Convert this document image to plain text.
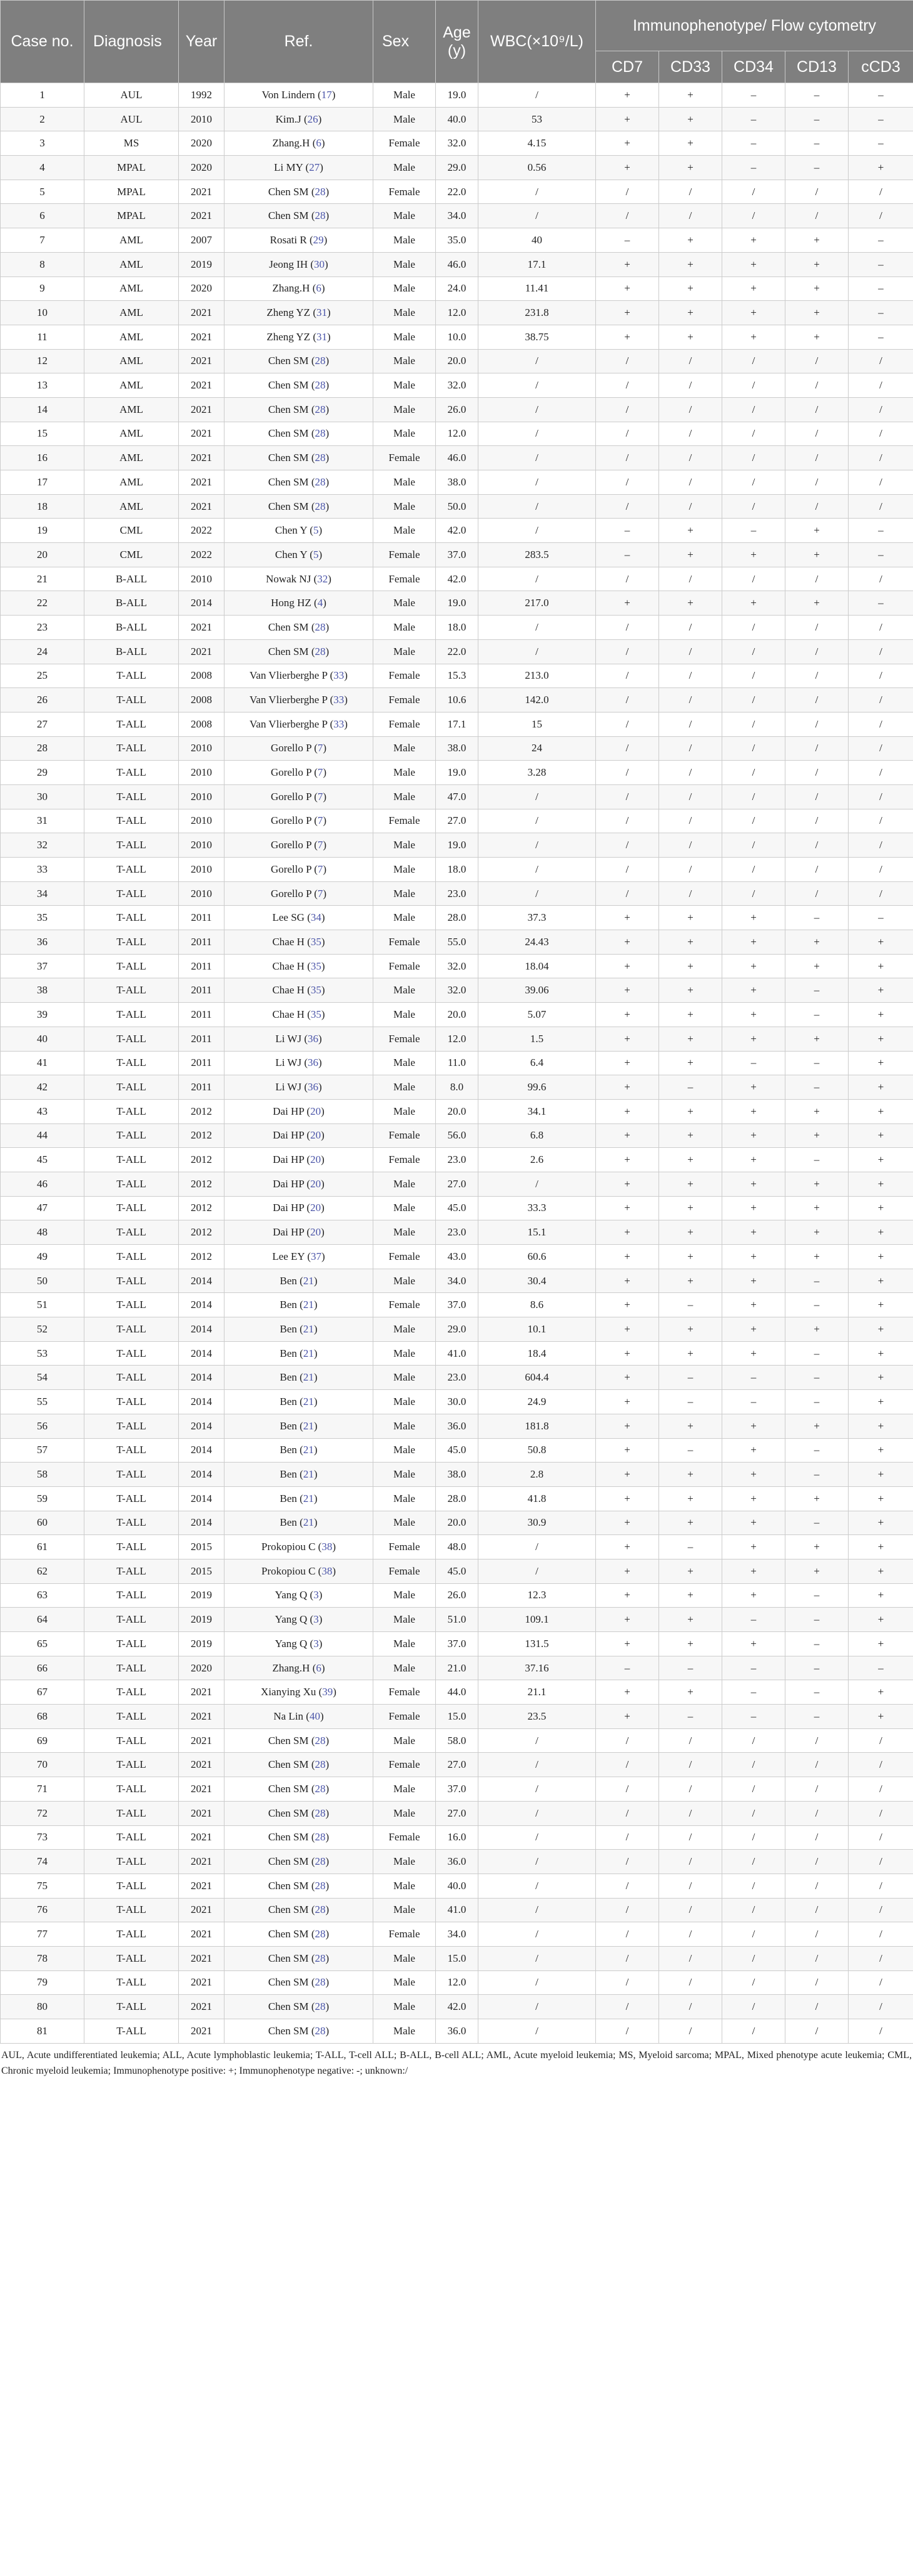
Case no.	Diagnosis	Year	Ref.	Sex	Age (y)	WBC(×10⁹/L)	Immunophenotype/ Flow cytometry				
							CD7	CD33	CD34	CD13	cCD3
1	AUL	1992	Von Lindern (17)	Male	19.0	/	+	+	–	–	–
2	AUL	2010	Kim.J (26)	Male	40.0	53	+	+	–	–	–
3	MS	2020	Zhang.H (6)	Female	32.0	4.15	+	+	–	–	–
4	MPAL	2020	Li MY (27)	Male	29.0	0.56	+	+	–	–	+
5	MPAL	2021	Chen SM (28)	Female	22.0	/	/	/	/	/	/
6	MPAL	2021	Chen SM (28)	Male	34.0	/	/	/	/	/	/
7	AML	2007	Rosati R (29)	Male	35.0	40	–	+	+	+	–
8	AML	2019	Jeong IH (30)	Male	46.0	17.1	+	+	+	+	–
9	AML	2020	Zhang.H (6)	Male	24.0	11.41	+	+	+	+	–
10	AML	2021	Zheng YZ (31)	Male	12.0	231.8	+	+	+	+	–
11	AML	2021	Zheng YZ (31)	Male	10.0	38.75	+	+	+	+	–
12	AML	2021	Chen SM (28)	Male	20.0	/	/	/	/	/	/
13	AML	2021	Chen SM (28)	Male	32.0	/	/	/	/	/	/
14	AML	2021	Chen SM (28)	Male	26.0	/	/	/	/	/	/
15	AML	2021	Chen SM (28)	Male	12.0	/	/	/	/	/	/
16	AML	2021	Chen SM (28)	Female	46.0	/	/	/	/	/	/
17	AML	2021	Chen SM (28)	Male	38.0	/	/	/	/	/	/
18	AML	2021	Chen SM (28)	Male	50.0	/	/	/	/	/	/
19	CML	2022	Chen Y (5)	Male	42.0	/	–	+	–	+	–
20	CML	2022	Chen Y (5)	Female	37.0	283.5	–	+	+	+	–
21	B-ALL	2010	Nowak NJ (32)	Female	42.0	/	/	/	/	/	/
22	B-ALL	2014	Hong HZ (4)	Male	19.0	217.0	+	+	+	+	–
23	B-ALL	2021	Chen SM (28)	Male	18.0	/	/	/	/	/	/
24	B-ALL	2021	Chen SM (28)	Male	22.0	/	/	/	/	/	/
25	T-ALL	2008	Van Vlierberghe P (33)	Female	15.3	213.0	/	/	/	/	/
26	T-ALL	2008	Van Vlierberghe P (33)	Female	10.6	142.0	/	/	/	/	/
27	T-ALL	2008	Van Vlierberghe P (33)	Female	17.1	15	/	/	/	/	/
28	T-ALL	2010	Gorello P (7)	Male	38.0	24	/	/	/	/	/
29	T-ALL	2010	Gorello P (7)	Male	19.0	3.28	/	/	/	/	/
30	T-ALL	2010	Gorello P (7)	Male	47.0	/	/	/	/	/	/
31	T-ALL	2010	Gorello P (7)	Female	27.0	/	/	/	/	/	/
32	T-ALL	2010	Gorello P (7)	Male	19.0	/	/	/	/	/	/
33	T-ALL	2010	Gorello P (7)	Male	18.0	/	/	/	/	/	/
34	T-ALL	2010	Gorello P (7)	Male	23.0	/	/	/	/	/	/
35	T-ALL	2011	Lee SG (34)	Male	28.0	37.3	+	+	+	–	–
36	T-ALL	2011	Chae H (35)	Female	55.0	24.43	+	+	+	+	+
37	T-ALL	2011	Chae H (35)	Female	32.0	18.04	+	+	+	+	+
38	T-ALL	2011	Chae H (35)	Male	32.0	39.06	+	+	+	–	+
39	T-ALL	2011	Chae H (35)	Male	20.0	5.07	+	+	+	–	+
40	T-ALL	2011	Li WJ (36)	Female	12.0	1.5	+	+	+	+	+
41	T-ALL	2011	Li WJ (36)	Male	11.0	6.4	+	+	–	–	+
42	T-ALL	2011	Li WJ (36)	Male	8.0	99.6	+	–	+	–	+
43	T-ALL	2012	Dai HP (20)	Male	20.0	34.1	+	+	+	+	+
44	T-ALL	2012	Dai HP (20)	Female	56.0	6.8	+	+	+	+	+
45	T-ALL	2012	Dai HP (20)	Female	23.0	2.6	+	+	+	–	+
46	T-ALL	2012	Dai HP (20)	Male	27.0	/	+	+	+	+	+
47	T-ALL	2012	Dai HP (20)	Male	45.0	33.3	+	+	+	+	+
48	T-ALL	2012	Dai HP (20)	Male	23.0	15.1	+	+	+	+	+
49	T-ALL	2012	Lee EY (37)	Female	43.0	60.6	+	+	+	+	+
50	T-ALL	2014	Ben (21)	Male	34.0	30.4	+	+	+	–	+
51	T-ALL	2014	Ben (21)	Female	37.0	8.6	+	–	+	–	+
52	T-ALL	2014	Ben (21)	Male	29.0	10.1	+	+	+	+	+
53	T-ALL	2014	Ben (21)	Male	41.0	18.4	+	+	+	–	+
54	T-ALL	2014	Ben (21)	Male	23.0	604.4	+	–	–	–	+
55	T-ALL	2014	Ben (21)	Male	30.0	24.9	+	–	–	–	+
56	T-ALL	2014	Ben (21)	Male	36.0	181.8	+	+	+	+	+
57	T-ALL	2014	Ben (21)	Male	45.0	50.8	+	–	+	–	+
58	T-ALL	2014	Ben (21)	Male	38.0	2.8	+	+	+	–	+
59	T-ALL	2014	Ben (21)	Male	28.0	41.8	+	+	+	+	+
60	T-ALL	2014	Ben (21)	Male	20.0	30.9	+	+	+	–	+
61	T-ALL	2015	Prokopiou C (38)	Female	48.0	/	+	–	+	+	+
62	T-ALL	2015	Prokopiou C (38)	Female	45.0	/	+	+	+	+	+
63	T-ALL	2019	Yang Q (3)	Male	26.0	12.3	+	+	+	–	+
64	T-ALL	2019	Yang Q (3)	Male	51.0	109.1	+	+	–	–	+
65	T-ALL	2019	Yang Q (3)	Male	37.0	131.5	+	+	+	–	+
66	T-ALL	2020	Zhang.H (6)	Male	21.0	37.16	–	–	–	–	–
67	T-ALL	2021	Xianying Xu (39)	Female	44.0	21.1	+	+	–	–	+
68	T-ALL	2021	Na Lin (40)	Female	15.0	23.5	+	–	–	–	+
69	T-ALL	2021	Chen SM (28)	Male	58.0	/	/	/	/	/	/
70	T-ALL	2021	Chen SM (28)	Female	27.0	/	/	/	/	/	/
71	T-ALL	2021	Chen SM (28)	Male	37.0	/	/	/	/	/	/
72	T-ALL	2021	Chen SM (28)	Male	27.0	/	/	/	/	/	/
73	T-ALL	2021	Chen SM (28)	Female	16.0	/	/	/	/	/	/
74	T-ALL	2021	Chen SM (28)	Male	36.0	/	/	/	/	/	/
75	T-ALL	2021	Chen SM (28)	Male	40.0	/	/	/	/	/	/
76	T-ALL	2021	Chen SM (28)	Male	41.0	/	/	/	/	/	/
77	T-ALL	2021	Chen SM (28)	Female	34.0	/	/	/	/	/	/
78	T-ALL	2021	Chen SM (28)	Male	15.0	/	/	/	/	/	/
79	T-ALL	2021	Chen SM (28)	Male	12.0	/	/	/	/	/	/
80	T-ALL	2021	Chen SM (28)	Male	42.0	/	/	/	/	/	/
81	T-ALL	2021	Chen SM (28)	Male	36.0	/	/	/	/	/	/
AUL, Acute undifferentiated leukemia; ALL, Acute lymphoblastic leukemia; T-ALL, T-cell ALL; B-ALL, B-cell ALL; AML, Acute myeloid leukemia; MS, Myeloid sarcoma; MPAL, Mixed phenotype acute leukemia; CML, Chronic myeloid leukemia; Immunophenotype positive: +; Immunophenotype negative: -; unknown:/
